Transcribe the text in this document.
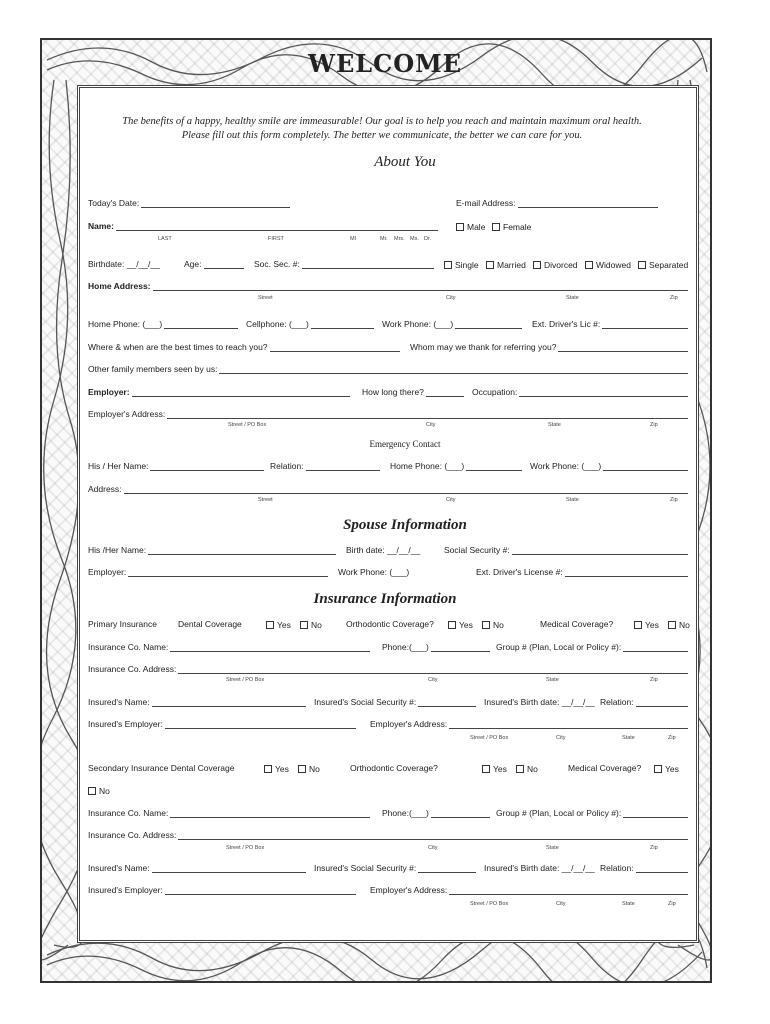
WELCOME
The benefits of a happy, healthy smile are immeasurable! Our goal is to help you reach and maintain maximum oral health.
Please fill out this form completely. The better we communicate, the better we can care for you.
About You
Today's Date:	E-mail Address:
Name:	Male Female
LAST	FIRST	MI	Mr. Mrs. Ms. Dr.
Birthdate: __/__/__	Age:	Soc. Sec. #:	Single Married Divorced Widowed Separated
Home Address:
Street	City	State	Zip
Home Phone: (___)	Cellphone: (___)	Work Phone: (___)	Ext. Driver's Lic #:
Where & when are the best times to reach you?	Whom may we thank for referring you?
Other family members seen by us:
Employer:	How long there?	Occupation:
Employer's Address:
Street / PO Box	City	State	Zip
Emergency Contact
His / Her Name:	Relation:	Home Phone: (___)	Work Phone: (___)
Address:
Street	City	State	Zip
Spouse Information
His /Her Name:	Birth date: __/__/__	Social Security #:
Employer:	Work Phone: (___)	Ext. Driver's License #:
Insurance Information
Primary Insurance Dental Coverage	Yes No	Orthodontic Coverage?	Yes No	Medical Coverage?	Yes No
Insurance Co. Name:	Phone:(___)	Group # (Plan, Local or Policy #):
Insurance Co. Address:
Street / PO Box	City	State	Zip
Insured's Name:	Insured's Social Security #:	Insured's Birth date: __/__/__ Relation:
Insured's Employer:	Employer's Address:
Street / PO Box	City	State	Zip
Secondary Insurance Dental Coverage	Yes No	Orthodontic Coverage?	Yes No	Medical Coverage?	Yes
No
Insurance Co. Name:	Phone:(___)	Group # (Plan, Local or Policy #):
Insurance Co. Address:
Street / PO Box	City	State	Zip
Insured's Name:	Insured's Social Security #:	Insured's Birth date: __/__/__ Relation:
Insured's Employer:	Employer's Address:
Street / PO Box	City	State	Zip
